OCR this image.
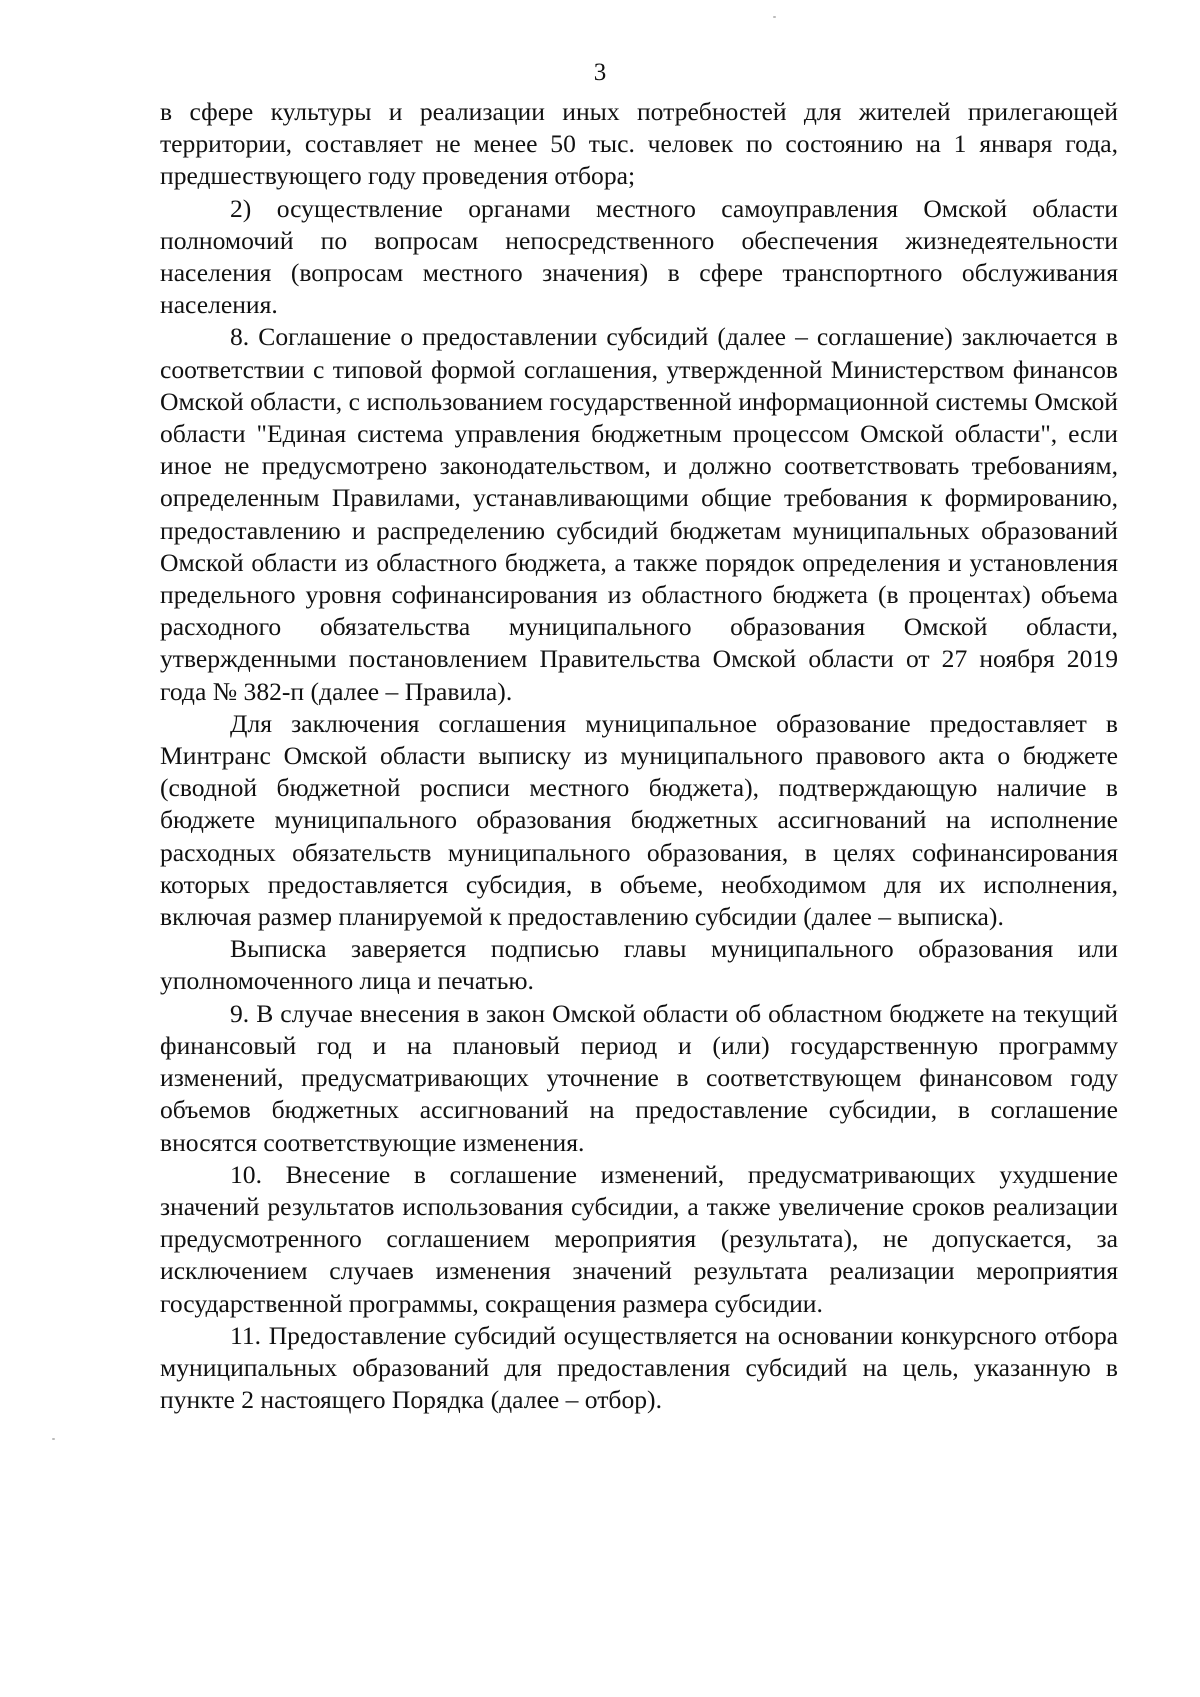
3

в сфере культуры и реализации иных потребностей для жителей прилегающей территории, составляет не менее 50 тыс. человек по состоянию на 1 января года, предшествующего году проведения отбора;

2) осуществление органами местного самоуправления Омской области полномочий по вопросам непосредственного обеспечения жизнедеятельности населения (вопросам местного значения) в сфере транспортного обслуживания населения.

8. Соглашение о предоставлении субсидий (далее – соглашение) заключается в соответствии с типовой формой соглашения, утвержденной Министерством финансов Омской области, с использованием государственной информационной системы Омской области "Единая система управления бюджетным процессом Омской области", если иное не предусмотрено законодательством, и должно соответствовать требованиям, определенным Правилами, устанавливающими общие требования к формированию, предоставлению и распределению субсидий бюджетам муниципальных образований Омской области из областного бюджета, а также порядок определения и установления предельного уровня софинансирования из областного бюджета (в процентах) объема расходного обязательства муниципального образования Омской области, утвержденными постановлением Правительства Омской области от 27 ноября 2019 года № 382-п (далее – Правила).

Для заключения соглашения муниципальное образование предоставляет в Минтранс Омской области выписку из муниципального правового акта о бюджете (сводной бюджетной росписи местного бюджета), подтверждающую наличие в бюджете муниципального образования бюджетных ассигнований на исполнение расходных обязательств муниципального образования, в целях софинансирования которых предоставляется субсидия, в объеме, необходимом для их исполнения, включая размер планируемой к предоставлению субсидии (далее – выписка).

Выписка заверяется подписью главы муниципального образования или уполномоченного лица и печатью.

9. В случае внесения в закон Омской области об областном бюджете на текущий финансовый год и на плановый период и (или) государственную программу изменений, предусматривающих уточнение в соответствующем финансовом году объемов бюджетных ассигнований на предоставление субсидии, в соглашение вносятся соответствующие изменения.

10. Внесение в соглашение изменений, предусматривающих ухудшение значений результатов использования субсидии, а также увеличение сроков реализации предусмотренного соглашением мероприятия (результата), не допускается, за исключением случаев изменения значений результата реализации мероприятия государственной программы, сокращения размера субсидии.

11. Предоставление субсидий осуществляется на основании конкурсного отбора муниципальных образований для предоставления субсидий на цель, указанную в пункте 2 настоящего Порядка (далее – отбор).
